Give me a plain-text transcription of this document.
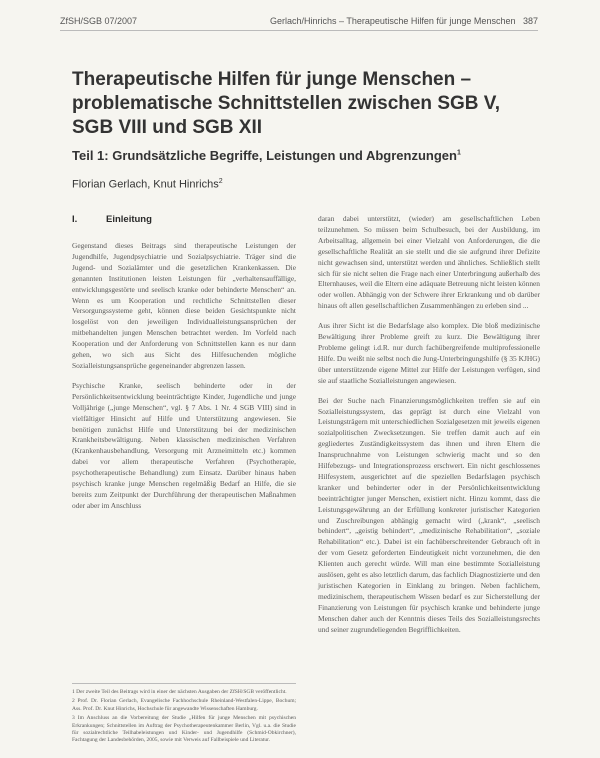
ZfSH/SGB 07/2007	Gerlach/Hinrichs – Therapeutische Hilfen für junge Menschen 387
Therapeutische Hilfen für junge Menschen – problematische Schnittstellen zwischen SGB V, SGB VIII und SGB XII
Teil 1: Grundsätzliche Begriffe, Leistungen und Abgrenzungen$^1$
Florian Gerlach, Knut Hinrichs$^2$
I.	Einleitung

Gegenstand dieses Beitrags sind therapeutische Leistungen der Jugendhilfe, Jugendpsychiatrie und Sozialpsychiatrie. Träger sind die Jugend- und Sozialämter und die gesetzlichen Krankenkassen. Die genannten Institutionen leisten Leistungen für „verhaltensauffällige, entwicklungsgestörte und seelisch kranke oder behinderte Menschen“ an. Wenn es um Kooperation und rechtliche Schnittstellen dieser Versorgungssysteme geht, können diese beiden Gesichtspunkte nicht losgelöst von den jeweiligen Individualleistungsansprüchen der mitbehandelten jungen Menschen betrachtet werden. Im Vorfeld nach Kooperation und der Anforderung von Schnittstellen kann es nur dann gehen, wo sich aus Sicht des Hilfesuchenden mögliche Sozialleistungsansprüche gegeneinander abgrenzen lassen.

Psychische Kranke, seelisch behinderte oder in der Persönlichkeitsentwicklung beeinträchtigte Kinder, Jugendliche und junge Volljährige („junge Menschen“, vgl. § 7 Abs. 1 Nr. 4 SGB VIII) sind in vielfältiger Hinsicht auf Hilfe und Unterstützung angewiesen. Sie benötigen zunächst Hilfe und Unterstützung bei der medizinischen Krankheitsbewältigung. Neben klassischen medizinischen Verfahren (Krankenhausbehandlung, Versorgung mit Arzneimitteln etc.) kommen dabei vor allem therapeutische Verfahren (Psychotherapie, psychotherapeutische Behandlung) zum Einsatz. Darüber hinaus haben psychisch kranke junge Menschen regelmäßig Bedarf an Hilfe, die sie bereits zum Zeitpunkt der Durchführung der therapeutischen Maßnahmen oder aber im Anschluss

daran dabei unterstützt, (wieder) am gesellschaftlichen Leben teilzunehmen. So müssen beim Schulbesuch, bei der Ausbildung, im Arbeitsalltag, allgemein bei einer Vielzahl von Anforderungen, die die gesellschaftliche Realität an sie stellt und die sie aufgrund ihrer Defizite nicht gewachsen sind, unterstützt werden und ähnliches. Schließlich stellt sich für sie nicht selten die Frage nach einer Unterbringung außerhalb des Elternhauses, weil die Eltern eine adäquate Betreuung nicht leisten können oder wollen. Abhängig von der Schwere ihrer Erkrankung und ob darüber hinaus oft allen gesellschaftlichen Zusammenhängen zu erleben sind ...

Aus ihrer Sicht ist die Bedarfslage also komplex. Die bloß medizinische Bewältigung ihrer Probleme greift zu kurz. Die Bewältigung ihrer Probleme gelingt i.d.R. nur durch fachübergreifende multiprofessionelle Hilfe. Du weißt nie selbst noch die Jung-Unterbringungshilfe (§ 35 KJHG) über unterstützende eigene Mittel zur Hilfe der Leistungen verfügen, sind sie auf staatliche Sozialleistungen angewiesen.

Bei der Suche nach Finanzierungsmöglichkeiten treffen sie auf ein Sozialleistungssystem, das geprägt ist durch eine Vielzahl von Leistungsträgern mit unterschiedlichen Sozialgesetzen mit jeweils eigenen sozialpolitischen Zwecksetzungen. Sie treffen damit auch auf ein gegliedertes Zuständigkeitssystem das ihnen und ihren Eltern die Inanspruchnahme von Leistungen schwierig macht und so den Hilfebezugs- und Integrationsprozess erschwert. Ein nicht geschlossenes Hilfesystem, ausgerichtet auf die speziellen Bedarfslagen psychisch kranker und behinderter oder in der Persönlichkeitsentwicklung beeinträchtigter junger Menschen, existiert nicht. Hinzu kommt, dass die Leistungsgewährung an der Erfüllung konkreter juristischer Kategorien und Zuschreibungen abhängig gemacht wird („krank“, „seelisch behindert“, „geistig behindert“, „medizinische Rehabilitation“, „soziale Rehabilitation“ etc.). Dabei ist ein fachüberschreitender Gebrauch oft in der vom Gesetz geforderten Eindeutigkeit nicht vorzunehmen, die den Klienten auch gerecht würde. Will man eine bestimmte Sozialleistung auslösen, geht es also letztlich darum, das fachlich Diagnostizierte und den juristischen Kategorien in Einklang zu bringen. Neben fachlichem, medizinischem, therapeutischem Wissen bedarf es zur Sicherstellung der Finanzierung von Leistungen für psychisch kranke und behinderte junge Menschen daher auch der Kenntnis dieses Teils des Sozialleistungsrechts und seiner zugrundeliegenden Begrifflichkeiten.

1 Der zweite Teil des Beitrags wird in einer der nächsten Ausgaben der ZfSH/SGB veröffentlicht.

2 Prof. Dr. Florian Gerlach, Evangelische Fachhochschule Rheinland-Westfalen-Lippe, Bochum; Ass. Prof. Dr. Knut Hinrichs, Hochschule für angewandte Wissenschaften Hamburg.

3 Im Anschluss an die Vorbereitung der Studie „Hilfen für junge Menschen mit psychischen Erkrankungen; Schnittstellen im Auftrag der Psychotherapeutenkammer Berlin, Vgl. u.a. die Studie für sozialrechtliche Teilhabeleistungen und Kinder- und Jugendhilfe (Schmid-Obkirchner), Fachtagung der Landesbehörden, 2005, sowie mit Verweis auf Fallbeispiele und Literatur.
